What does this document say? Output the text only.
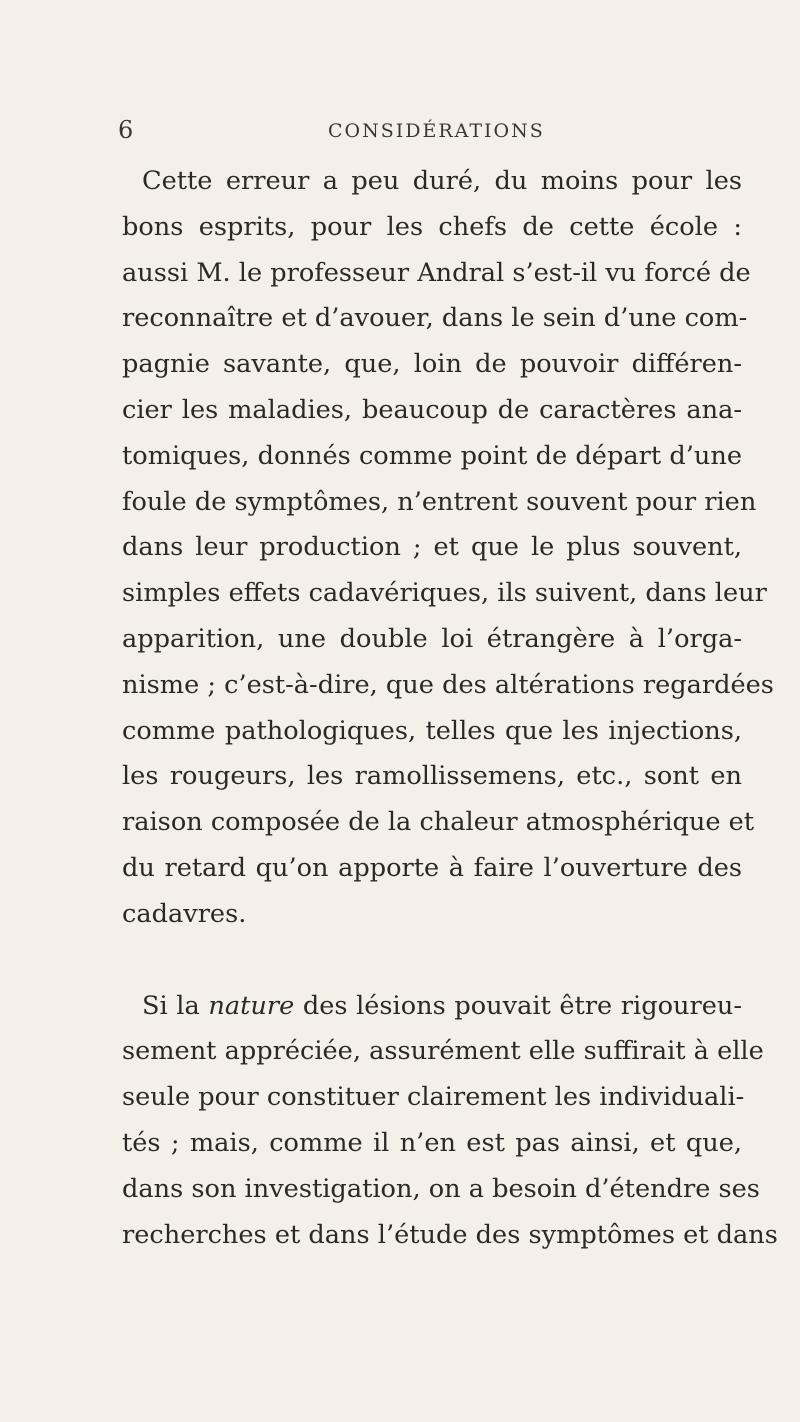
6	CONSIDÉRATIONS
Cette erreur a peu duré, du moins pour les
bons esprits, pour les chefs de cette école :
aussi M. le professeur Andral s’est-il vu forcé de
reconnaître et d’avouer, dans le sein d’une com-
pagnie savante, que, loin de pouvoir différen-
cier les maladies, beaucoup de caractères ana-
tomiques, donnés comme point de départ d’une
foule de symptômes, n’entrent souvent pour rien
dans leur production ; et que le plus souvent,
simples effets cadavériques, ils suivent, dans leur
apparition, une double loi étrangère à l’orga-
nisme ; c’est-à-dire, que des altérations regardées
comme pathologiques, telles que les injections,
les rougeurs, les ramollissemens, etc., sont en
raison composée de la chaleur atmosphérique et
du retard qu’on apporte à faire l’ouverture des
cadavres.
Si la nature des lésions pouvait être rigoureu-
sement appréciée, assurément elle suffirait à elle
seule pour constituer clairement les individuali-
tés ; mais, comme il n’en est pas ainsi, et que,
dans son investigation, on a besoin d’étendre ses
recherches et dans l’étude des symptômes et dans
